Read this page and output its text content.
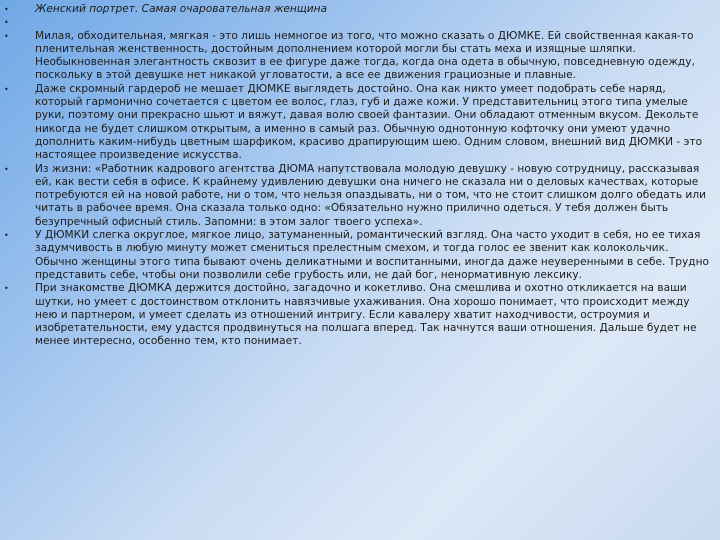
• Женский портрет. Самая очаровательная женщина
•
• Милая, обходительная, мягкая - это лишь немногое из того, что можно сказать о ДЮМКЕ. Ей свойственная какая-то пленительная женственность, достойным дополнением которой могли бы стать меха и изящные шляпки. Необыкновенная элегантность сквозит в ее фигуре даже тогда, когда она одета в обычную, повседневную одежду, поскольку в этой девушке нет никакой угловатости, а все ее движения грациозные и плавные.
• Даже скромный гардероб не мешает ДЮМКЕ выглядеть достойно. Она как никто умеет подобрать себе наряд, который гармонично сочетается с цветом ее волос, глаз, губ и даже кожи. У представительниц этого типа умелые руки, поэтому они прекрасно шьют и вяжут, давая волю своей фантазии. Они обладают отменным вкусом. Декольте никогда не будет слишком открытым, а именно в самый раз. Обычную однотонную кофточку они умеют удачно дополнить каким-нибудь цветным шарфиком, красиво драпирующим шею. Одним словом, внешний вид ДЮМКИ - это настоящее произведение искусства.
• Из жизни: «Работник кадрового агентства ДЮМА напутствовала молодую девушку - новую сотрудницу, рассказывая ей, как вести себя в офисе. К крайнему удивлению девушки она ничего не сказала ни о деловых качествах, которые потребуются ей на новой работе, ни о том, что нельзя опаздывать, ни о том, что не стоит слишком долго обедать или читать в рабочее время. Она сказала только одно: «Обязательно нужно прилично одеться. У тебя должен быть безупречный офисный стиль. Запомни: в этом залог твоего успеха».
• У ДЮМКИ слегка округлое, мягкое лицо, затуманенный, романтический взгляд. Она часто уходит в себя, но ее тихая задумчивость в любую минуту может смениться прелестным смехом, и тогда голос ее звенит как колокольчик. Обычно женщины этого типа бывают очень деликатными и воспитанными, иногда даже неуверенными в себе. Трудно представить себе, чтобы они позволили себе грубость или, не дай бог, ненормативную лексику.
• При знакомстве ДЮМКА держится достойно, загадочно и кокетливо. Она смешлива и охотно откликается на ваши шутки, но умеет с достоинством отклонить навязчивые ухаживания. Она хорошо понимает, что происходит между нею и партнером, и умеет сделать из отношений интригу. Если кавалеру хватит находчивости, остроумия и изобретательности, ему удастся продвинуться на полшага вперед. Так начнутся ваши отношения. Дальше будет не менее интересно, особенно тем, кто понимает.
